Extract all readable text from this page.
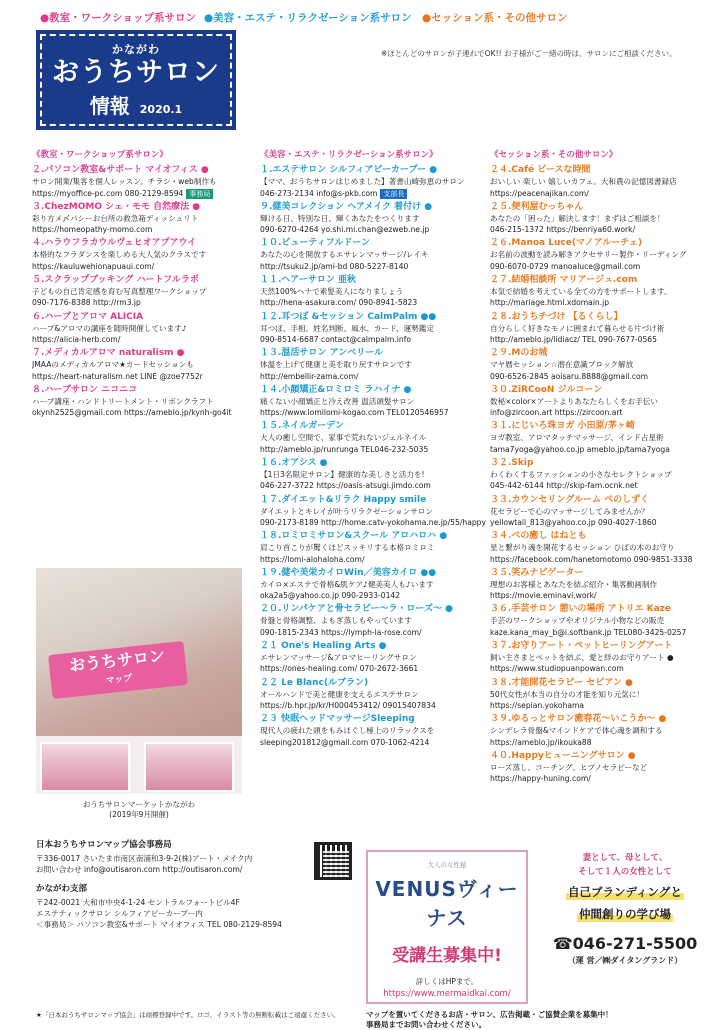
●教室・ワークショップ系サロン ●美容・エステ・リラクゼーション系サロン ●セッション系・その他サロン
かながわ
おうちサロン
情報 2020.1
※ほとんどのサロンが子連れでOK!! お子様がご一緒の時は、サロンにご相談ください。
《教室・ワークショップ系サロン》
２.パソコン教室&サポート マイオフィス ●
サロン開業/集客を個人レッスン。チラシ・web制作も
https://myoffice-pc.com 080-2129-8594 事務局
３.ChezMOMO シェ・モモ 自然療法 ●
彩り方メ〆パシーお台所の救急箱ディッシュリト
https://homeopathy-momo.com
４.ハラウフラカウルヴェヒオアプアウイ
本格的なフラダンスを楽しめる大人気のクラスです
https://kauluwehionapuaui.com/
５.スクラップブッキング ハートフルラボ
子どもの自己肯定感を育む写真整理ワークショップ
090-7176-8388 http://rm3.jp
６.ハーブとアロマ ALICIA
ハーブ&アロマの講座を随時開催しています♪
https://alicia-herb.com/
７.メディカルアロマ naturalism ●
JMAAのメディカルアロマ★カードセッションも
https://heart-naturalism.net LINE @zoe7752r
８.ハーブサロン ニコニコ
ハーブ講座・ハンドトリートメント・リボンクラフト
okynh2525@gmail.com https://ameblo.jp/kynh-go4it
《美容・エステ・リラクゼーション系サロン》
１.エステサロン シルフィアビーカーブー ●
【ママ、おうちサロンはじめました】著書山崎弥恵のサロン
046-273-2134 info@s-pkb.com 支部長
９.健美コレクション ヘアメイク 着付け ●
輝ける日、特別な日、輝くあなたをつくります
090-6270-4264 yo.shi.mi.chan@ezweb.ne.jp
１０.ビューティフルドーン
あなたの心を開放するエサレンマッサージ/レイキ
http://tsuku2.jp/ami-bd 080-5227-8140
１１.ヘアーサロン 亜秋
天然100%ヘナで素髪美人になりましょう
http://hena-asakura.com/ 090-8941-5823
１２.耳つぼ &セッション CalmPalm ●●
耳つぼ、手相、姓名判断、風水、カード、運勢鑑定
090-8514-6687 contact@calmpalm.info
１３.温活サロン アンベリール
体温を上げて健康と美を取り戻すサロンです
http://embellir-zama.com/
１４.小顔矯正&ロミロミ ラハイナ ●
痛くない小顔矯正と冷え改善 温活頭髪サロン
https://www.lomilomi-kogao.com TEL0120546957
１５.ネイルガーデン
大人の癒し空間で、家事で荒れないジェルネイル
http://ameblo.jp/runrunga TEL046-232-5035
１６.オアシス ●
【1日3名限定サロン】健康的な美しさと活力を!
046-227-3722 https://oasis-atsugi.jimdo.com
１７.ダイエット&リラク Happy smile
ダイエットとキレイが叶うリラクゼーションサロン
090-2173-8189 http://home.catv-yokohama.ne.jp/55/happy
１８.ロミロミサロン&スクール アロハロハ ●
肩こり首こりが驚くほどスッキリする本格ロミロミ
https://lomi-alohaloha.com/
１９.健や美栄カイロWin／美容カイロ ●●
カイロ×エステで骨格&肌ケア♪健美美人も♪います
oka2a5@yahoo.co.jp 090-2933-0142
２０.リンパケアと骨セラピー～ラ・ローズ～ ●
骨盤と骨格調整、よもぎ蒸しもやっています
090-1815-2343 https://lymph-la-rose.com/
２１ One's Healing Arts ●
エサレンマッサージ&アロマヒーリングサロン
https://ones-healing.com/ 070-2672-3661
２２ Le Blanc(ルブラン)
オールハンドで美と健康を支えるエステサロン
https://b.hpr.jp/kr/H000453412/ 09015407834
２３ 快眠ヘッドマッサージSleeping
現代人の疲れた頭をもみほぐし極上のリラックスを
sleeping201812@gmail.com 070-1062-4214
《セッション系・その他サロン》
２４.Café ピースな時間
おいしい 楽しい 嬉しいカフェ。大和農の記憶図書録店
https://peacenajikan.com/
２５.便利屋むっちゃん
あなたの「困った」解決します！まずはご相談を！
046-215-1372 https://benriya60.work/
２６.Manoa Luce(マノアルーチェ)
お名前の波動を読み解きアクセサリー製作・リーディング
090-6070-0729 manoaluce@gmail.com
２７.結婚相談所 マリアージュ.com
本気で結婚を考えている全ての方をサポートします。
http://mariage.html.xdomain.jp
２８.おうちチづけ 【るくらし】
自分らしく好きなモノに囲まれて暮らせる片づけ術
http://ameblo.jp/lidiacz/ TEL 090-7677-0565
２９.Mのお城
マヤ暦セッション☆潜在意識ブロック解放
090-6526-2845 aoisaru.8888@gmail.com
３０.ZiRCooN ジルコーン
数秘×color×アートよりあなたらしくをお手伝い
info@zircoon.art https://zircoon.art
３１.にじいろ珠ヨガ 小田原/茅ヶ崎
ヨガ教室、アロマタッチマッサージ、インド占星術
tama7yoga@yahoo.co.jp ameblo.jp/tama7yoga
３２.Skip
わくわくするファッションの小さなセレクトショップ
045-442-6144 http://skip-fam.ocnk.net
３３.カウンセリングルーム べのしずく
花セラピーで心のマッサージしてみませんか？
yellowtail_813@yahoo.co.jp 090-4027-1860
３４.べの癒し はねとも
星と繋がり魂を開花するセッション ひばの木のお守り
https://facebook.com/hanetomotomo 090-9851-3338
３５.笑みナビゲーター
理想のお客様とあなたを結ぶ紹介・集客動画制作
https://movie.eminavi.work/
３６.手芸サロン 憩いの場所 アトリエ Kaze
手芸のワークショップやオリジナル小物などの販売
kaze.kana_may_b@i.softbank.jp TEL080-3425-0257
３７.お守りアート・ペットヒーリングアート
飼い主さまとペットを結ぶ、愛と絆のお守りアート ●
https://www.studiopuanpowan.com
３８.才能開花セラピー セピアン ●
50代女性が本当の自分の才能を知り元気に！
https://sepian.yokohama
３９.ゆるっとサロン癒春花～いこうか～ ●
シンデレラ骨盤&マインドケアで体心魂を調和する
https://ameblo.jp/ikouka88
４０.Happyヒューニングサロン ●
ローズ蒸し、コーチング、ヒプノセラピーなど
https://happy-huning.com/
おうちサロン
マップ
おうちサロンマーケットかながわ
(2019年9月開催)
日本おうちサロンマップ協会事務局
〒336-0017 さいたま市南区南浦和3-9-2(株)アート・メイク内
お問い合わせ info@outisaron.com http://outisaron.com/
かながわ支部
〒242-0021 大和市中央4-1-24 セントラルフォートビル4F
エステティックサロン シルフィアビーカーブー内
＜事務局＞ パソコン教室&サポート マイオフィス TEL 080-2129-8594
大人の女性塾
VENUSヴィーナス
受講生募集中!
詳しくはHPまで。
https://www.mermaidkai.com/
妻として、母として、
そして１人の女性として
自己ブランディングと
仲間創りの学び場
☎046-271-5500
（運 営／㈱ダイタングランド）
★「日本おうちサロンマップ協会」は商標登録中です。ロゴ、イラスト等の無断転載はご遠慮ください。	マップを置いてくださるお店・サロン、広告掲載・ご協賛企業を募集中！
事務局までお問い合わせください。
